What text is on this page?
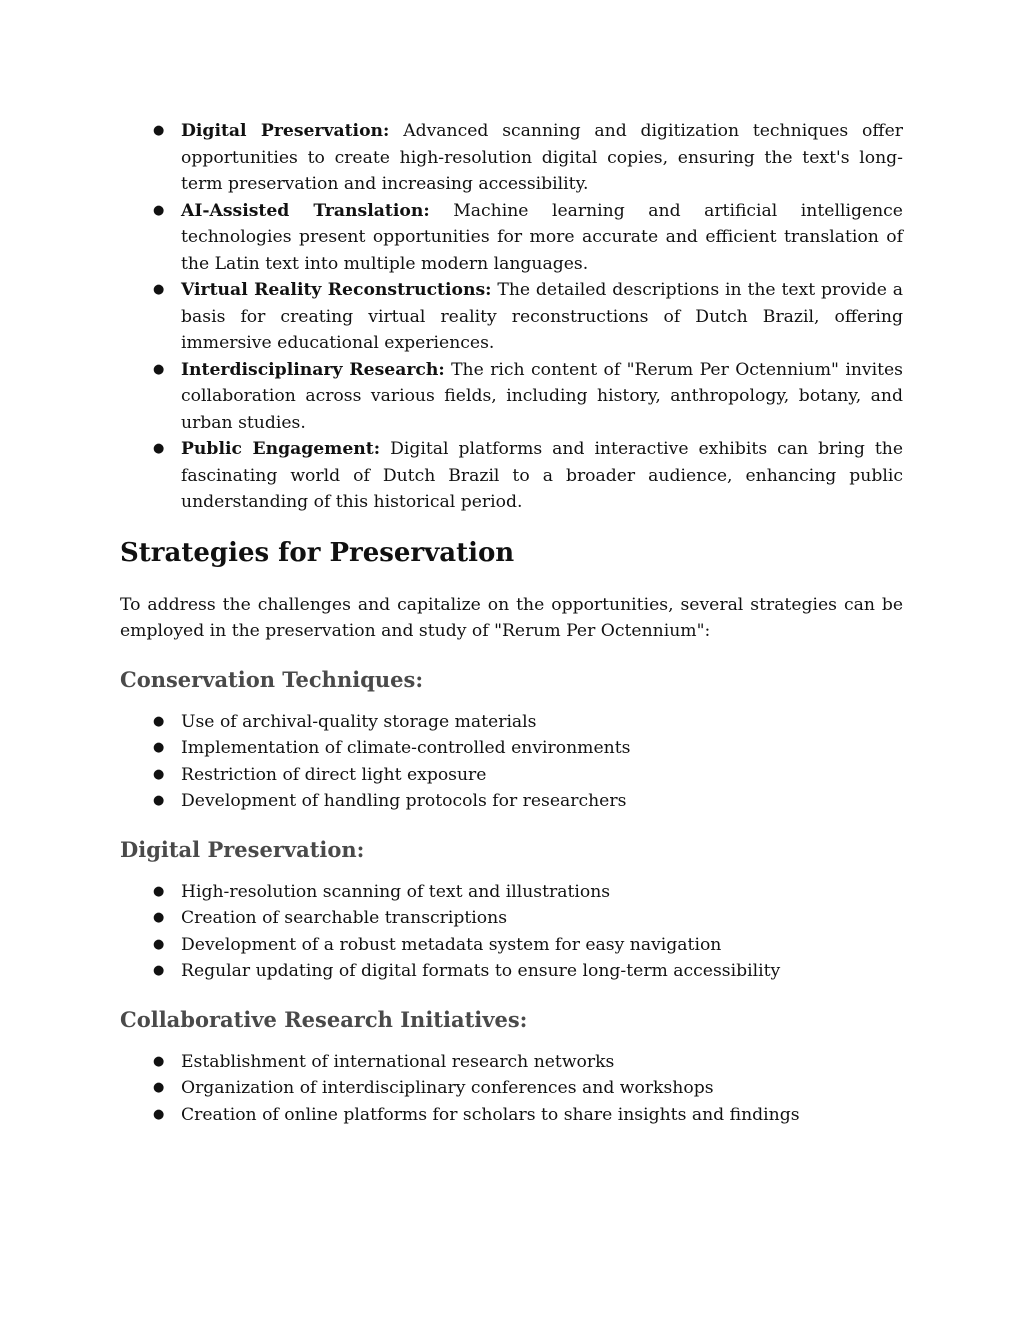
● Digital Preservation: Advanced scanning and digitization techniques offer opportunities to create high-resolution digital copies, ensuring the text's long-term preservation and increasing accessibility.
● AI-Assisted Translation: Machine learning and artificial intelligence technologies present opportunities for more accurate and efficient translation of the Latin text into multiple modern languages.
● Virtual Reality Reconstructions: The detailed descriptions in the text provide a basis for creating virtual reality reconstructions of Dutch Brazil, offering immersive educational experiences.
● Interdisciplinary Research: The rich content of "Rerum Per Octennium" invites collaboration across various fields, including history, anthropology, botany, and urban studies.
● Public Engagement: Digital platforms and interactive exhibits can bring the fascinating world of Dutch Brazil to a broader audience, enhancing public understanding of this historical period.
Strategies for Preservation

To address the challenges and capitalize on the opportunities, several strategies can be employed in the preservation and study of "Rerum Per Octennium":

Conservation Techniques:
● Use of archival-quality storage materials
● Implementation of climate-controlled environments
● Restriction of direct light exposure
● Development of handling protocols for researchers
Digital Preservation:
● High-resolution scanning of text and illustrations
● Creation of searchable transcriptions
● Development of a robust metadata system for easy navigation
● Regular updating of digital formats to ensure long-term accessibility
Collaborative Research Initiatives:
● Establishment of international research networks
● Organization of interdisciplinary conferences and workshops
● Creation of online platforms for scholars to share insights and findings
